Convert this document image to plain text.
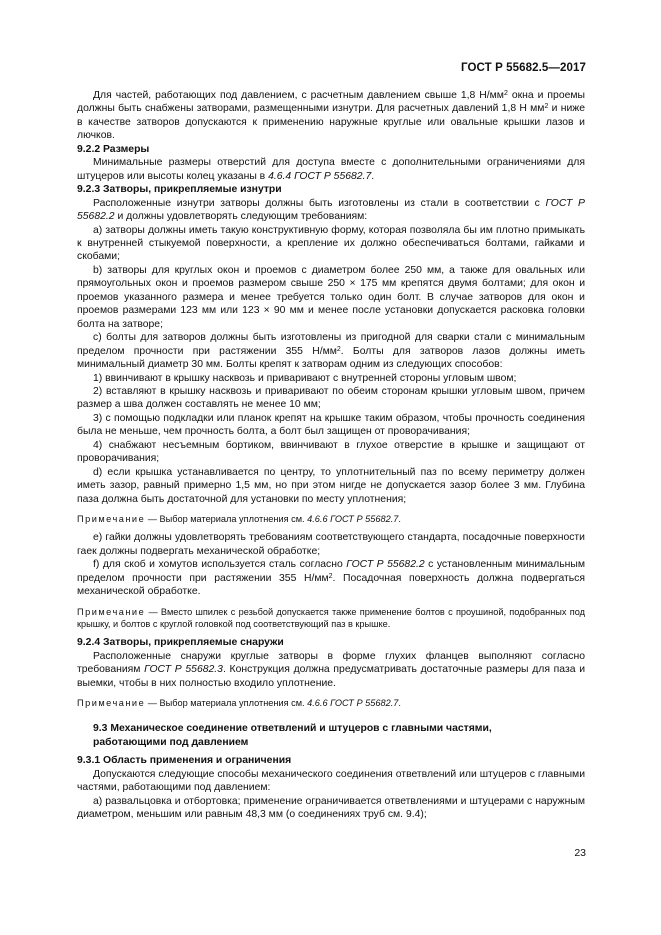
ГОСТ Р 55682.5—2017

Для частей, работающих под давлением, с расчетным давлением свыше 1,8 $Н/мм^2$ окна и проемы должны быть снабжены затворами, размещенными изнутри. Для расчетных давлений 1,8 Н $мм^2$ и ниже в качестве затворов допускаются к применению наружные круглые или овальные крышки лазов и лючков.

9.2.2 Размеры

Минимальные размеры отверстий для доступа вместе с дополнительными ограничениями для штуцеров или высоты колец указаны в 4.6.4 ГОСТ Р 55682.7.

9.2.3 Затворы, прикрепляемые изнутри

Расположенные изнутри затворы должны быть изготовлены из стали в соответствии с ГОСТ Р 55682.2 и должны удовлетворять следующим требованиям:

а) затворы должны иметь такую конструктивную форму, которая позволяла бы им плотно примыкать к внутренней стыкуемой поверхности, а крепление их должно обеспечиваться болтами, гайками и скобами;

b) затворы для круглых окон и проемов с диаметром более 250 мм, а также для овальных или прямоугольных окон и проемов размером свыше 250 × 175 мм крепятся двумя болтами; для окон и проемов указанного размера и менее требуется только один болт. В случае затворов для окон и проемов размерами 123 мм или 123 × 90 мм и менее после установки допускается расковка головки болта на затворе;

c) болты для затворов должны быть изготовлены из пригодной для сварки стали с минимальным пределом прочности при растяжении 355 $Н/мм^2$. Болты для затворов лазов должны иметь минимальный диаметр 30 мм. Болты крепят к затворам одним из следующих способов:

1) ввинчивают в крышку насквозь и приваривают с внутренней стороны угловым швом;

2) вставляют в крышку насквозь и приваривают по обеим сторонам крышки угловым швом, причем размер а шва должен составлять не менее 10 мм;

3) с помощью подкладки или планок крепят на крышке таким образом, чтобы прочность соединения была не меньше, чем прочность болта, а болт был защищен от проворачивания;

4) снабжают несъемным бортиком, ввинчивают в глухое отверстие в крышке и защищают от проворачивания;

d) если крышка устанавливается по центру, то уплотнительный паз по всему периметру должен иметь зазор, равный примерно 1,5 мм, но при этом нигде не допускается зазор более 3 мм. Глубина паза должна быть достаточной для установки по месту уплотнения;

Примечание — Выбор материала уплотнения см. 4.6.6 ГОСТ Р 55682.7.

e) гайки должны удовлетворять требованиям соответствующего стандарта, посадочные поверхности гаек должны подвергать механической обработке;

f) для скоб и хомутов используется сталь согласно ГОСТ Р 55682.2 с установленным минимальным пределом прочности при растяжении 355 $Н/мм^2$. Посадочная поверхность должна подвергаться механической обработке.

Примечание — Вместо шпилек с резьбой допускается также применение болтов с проушиной, подобранных под крышку, и болтов с круглой головкой под соответствующий паз в крышке.

9.2.4 Затворы, прикрепляемые снаружи

Расположенные снаружи круглые затворы в форме глухих фланцев выполняют согласно требованиям ГОСТ Р 55682.3. Конструкция должна предусматривать достаточные размеры для паза и выемки, чтобы в них полностью входило уплотнение.

Примечание — Выбор материала уплотнения см. 4.6.6 ГОСТ Р 55682.7.

9.3 Механическое соединение ответвлений и штуцеров с главными частями,
работающими под давлением

9.3.1 Область применения и ограничения

Допускаются следующие способы механического соединения ответвлений или штуцеров с главными частями, работающими под давлением:

а) развальцовка и отбортовка; применение ограничивается ответвлениями и штуцерами с наружным диаметром, меньшим или равным 48,3 мм (о соединениях труб см. 9.4);

23
